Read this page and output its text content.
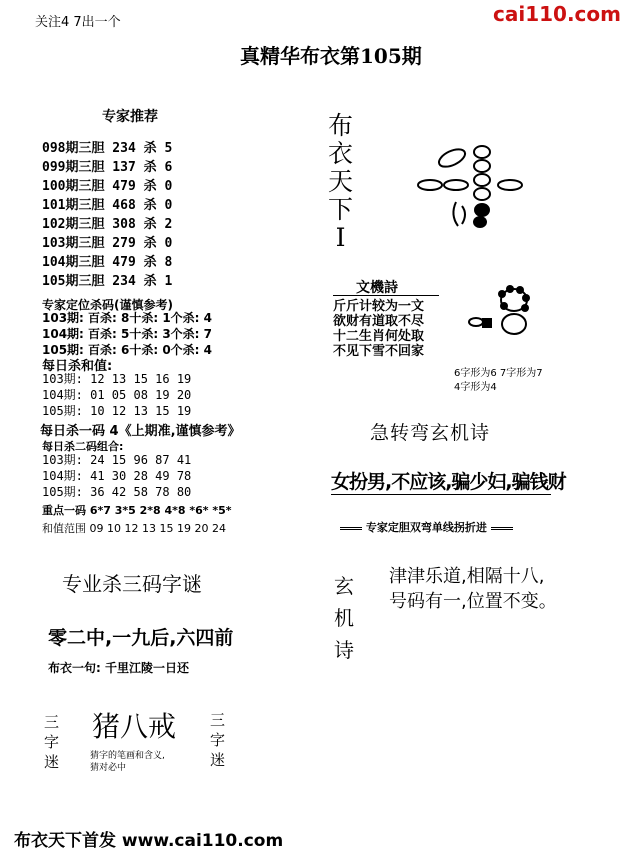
关注4 7出一个	cai110.com
真精华布衣第105期
专家推荐
098期三胆 234 杀 5
099期三胆 137 杀 6
100期三胆 479 杀 0
101期三胆 468 杀 0
102期三胆 308 杀 2
103期三胆 279 杀 0
104期三胆 479 杀 8
105期三胆 234 杀 1
专家定位杀码(谨慎参考)
103期: 百杀: 8十杀: 1个杀: 4
104期: 百杀: 5十杀: 3个杀: 7
105期: 百杀: 6十杀: 0个杀: 4
每日杀和值:
103期: 12 13 15 16 19
104期: 01 05 08 19 20
105期: 10 12 13 15 19
每日杀一码 4《上期准,谨慎参考》
每日杀二码组合:
103期: 24 15 96 87 41
104期: 41 30 28 49 78
105期: 36 42 58 78 80
重点一码 6*7 3*5 2*8 4*8 *6* *5*
和值范围 09 10 12 13 15 19 20 24
专业杀三码字谜
零二中,一九后,六四前
布衣一句: 千里江陵一日还
三
字
迷
猪八戒
猜字的笔画和含义,猜对必中
三
字
迷
布
衣
天
下
I
文機詩
斤斤计较为一文
欲财有道取不尽
十二生肖何处取
不见下雪不回家
6字形为6 7字形为7
4字形为4
急转弯玄机诗
女扮男,不应该,骗少妇,骗钱财
专家定胆双弯单线拐折进
玄
机
诗
津津乐道,相隔十八,
号码有一,位置不变。
布衣天下首发 www.cai110.com
